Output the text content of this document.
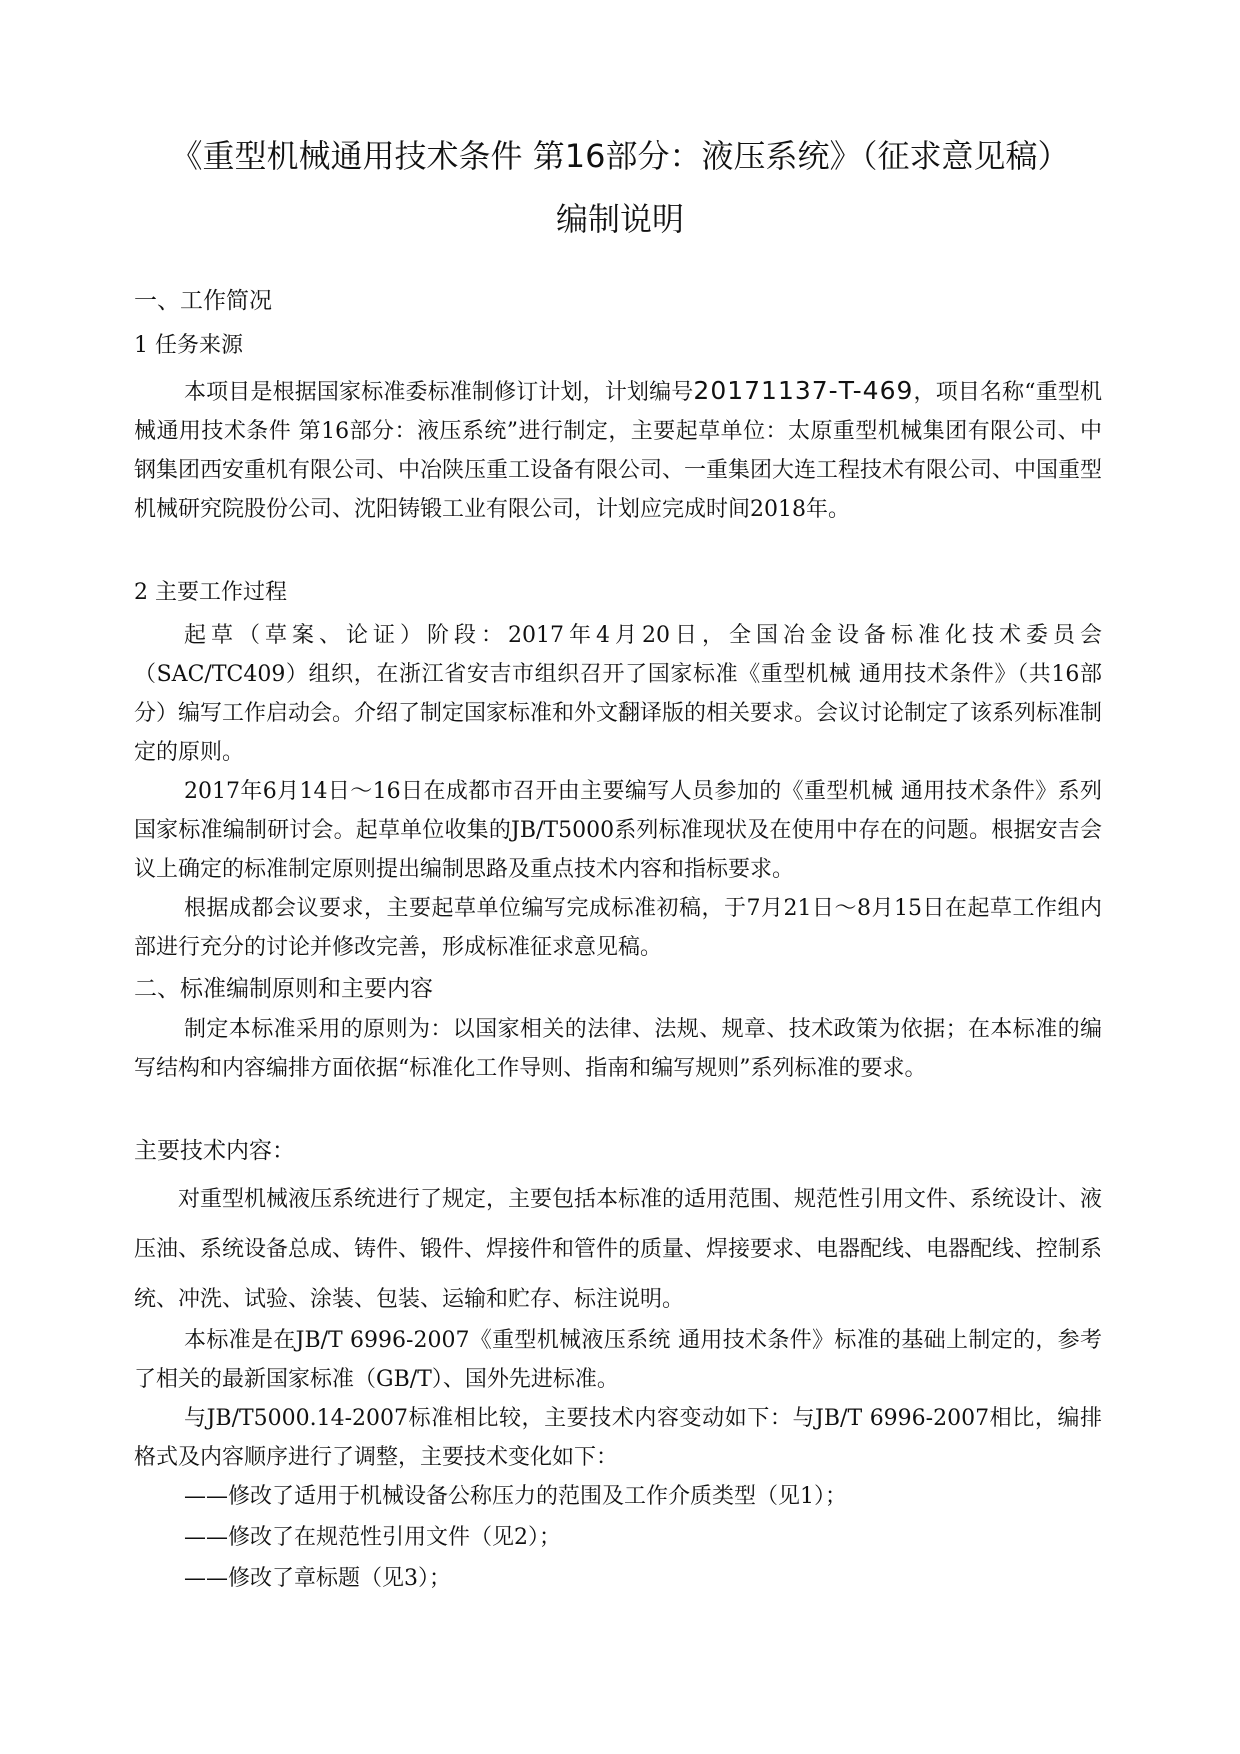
《重型机械通用技术条件 第16部分：液压系统》（征求意见稿）
编制说明
一、工作简况
1 任务来源

本项目是根据国家标准委标准制修订计划，计划编号20171137-T-469，项目名称“重型机械通用技术条件 第16部分：液压系统”进行制定，主要起草单位：太原重型机械集团有限公司、中钢集团西安重机有限公司、中冶陕压重工设备有限公司、一重集团大连工程技术有限公司、中国重型机械研究院股份公司、沈阳铸锻工业有限公司，计划应完成时间2018年。

2 主要工作过程

起草（草案、论证）阶段：2017年4月20日，全国冶金设备标准化技术委员会（SAC/TC409）组织，在浙江省安吉市组织召开了国家标准《重型机械 通用技术条件》（共16部分）编写工作启动会。介绍了制定国家标准和外文翻译版的相关要求。会议讨论制定了该系列标准制定的原则。

2017年6月14日～16日在成都市召开由主要编写人员参加的《重型机械 通用技术条件》系列国家标准编制研讨会。起草单位收集的JB/T5000系列标准现状及在使用中存在的问题。根据安吉会议上确定的标准制定原则提出编制思路及重点技术内容和指标要求。

根据成都会议要求，主要起草单位编写完成标准初稿，于7月21日～8月15日在起草工作组内部进行充分的讨论并修改完善，形成标准征求意见稿。

二、标准编制原则和主要内容

制定本标准采用的原则为：以国家相关的法律、法规、规章、技术政策为依据；在本标准的编写结构和内容编排方面依据“标准化工作导则、指南和编写规则”系列标准的要求。

主要技术内容：

对重型机械液压系统进行了规定，主要包括本标准的适用范围、规范性引用文件、系统设计、液压油、系统设备总成、铸件、锻件、焊接件和管件的质量、焊接要求、电器配线、电器配线、控制系统、冲洗、试验、涂装、包装、运输和贮存、标注说明。

本标准是在JB/T 6996-2007《重型机械液压系统 通用技术条件》标准的基础上制定的，参考了相关的最新国家标准（GB/T）、国外先进标准。

与JB/T5000.14-2007标准相比较，主要技术内容变动如下：与JB/T 6996-2007相比，编排格式及内容顺序进行了调整，主要技术变化如下：

——修改了适用于机械设备公称压力的范围及工作介质类型（见1）；
——修改了在规范性引用文件（见2）；
——修改了章标题（见3）；
